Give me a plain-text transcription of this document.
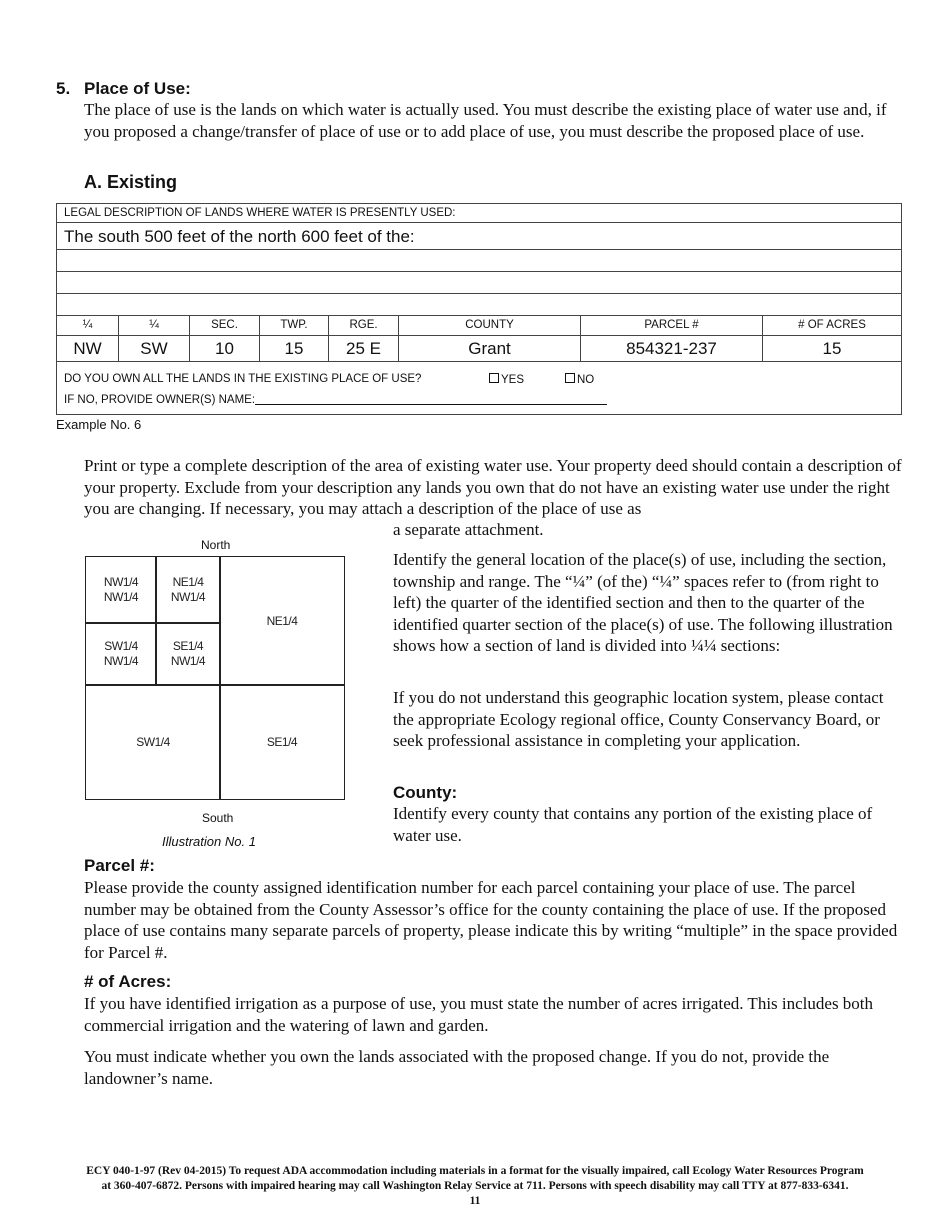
5. Place of Use:
The place of use is the lands on which water is actually used. You must describe the existing place of water use and, if you proposed a change/transfer of place of use or to add place of use, you must describe the proposed place of use.
A. Existing
LEGAL DESCRIPTION OF LANDS WHERE WATER IS PRESENTLY USED:
The south 500 feet of the north 600 feet of the:
¼	¼	SEC.	TWP.	RGE.	COUNTY	PARCEL #	# OF ACRES
NW	SW	10	15	25 E	Grant	854321-237	15
DO YOU OWN ALL THE LANDS IN THE EXISTING PLACE OF USE?	YES	NO
IF NO, PROVIDE OWNER(S) NAME:
Example No. 6
Print or type a complete description of the area of existing water use. Your property deed should contain a description of your property. Exclude from your description any lands you own that do not have an existing water use under the right you are changing. If necessary, you may attach a description of the place of use as
a separate attachment.
North
NW1/4 NW1/4
NE1/4 NW1/4
SW1/4 NW1/4
SE1/4 NW1/4
NE1/4
SW1/4	SE1/4
South
Illustration No. 1
Identify the general location of the place(s) of use, including the section, township and range. The “¼” (of the) “¼” spaces refer to (from right to left) the quarter of the identified section and then to the quarter of the identified quarter section of the place(s) of use. The following illustration shows how a section of land is divided into ¼¼ sections:
If you do not understand this geographic location system, please contact the appropriate Ecology regional office, County Conservancy Board, or seek professional assistance in completing your application.
County:
Identify every county that contains any portion of the existing place of water use.
Parcel #:
Please provide the county assigned identification number for each parcel containing your place of use. The parcel number may be obtained from the County Assessor’s office for the county containing the place of use. If the proposed place of use contains many separate parcels of property, please indicate this by writing “multiple” in the space provided for Parcel #.
# of Acres:
If you have identified irrigation as a purpose of use, you must state the number of acres irrigated. This includes both commercial irrigation and the watering of lawn and garden.
You must indicate whether you own the lands associated with the proposed change. If you do not, provide the landowner’s name.
ECY 040-1-97 (Rev 04-2015) To request ADA accommodation including materials in a format for the visually impaired, call Ecology Water Resources Program
at 360-407-6872. Persons with impaired hearing may call Washington Relay Service at 711. Persons with speech disability may call TTY at 877-833-6341.
11
